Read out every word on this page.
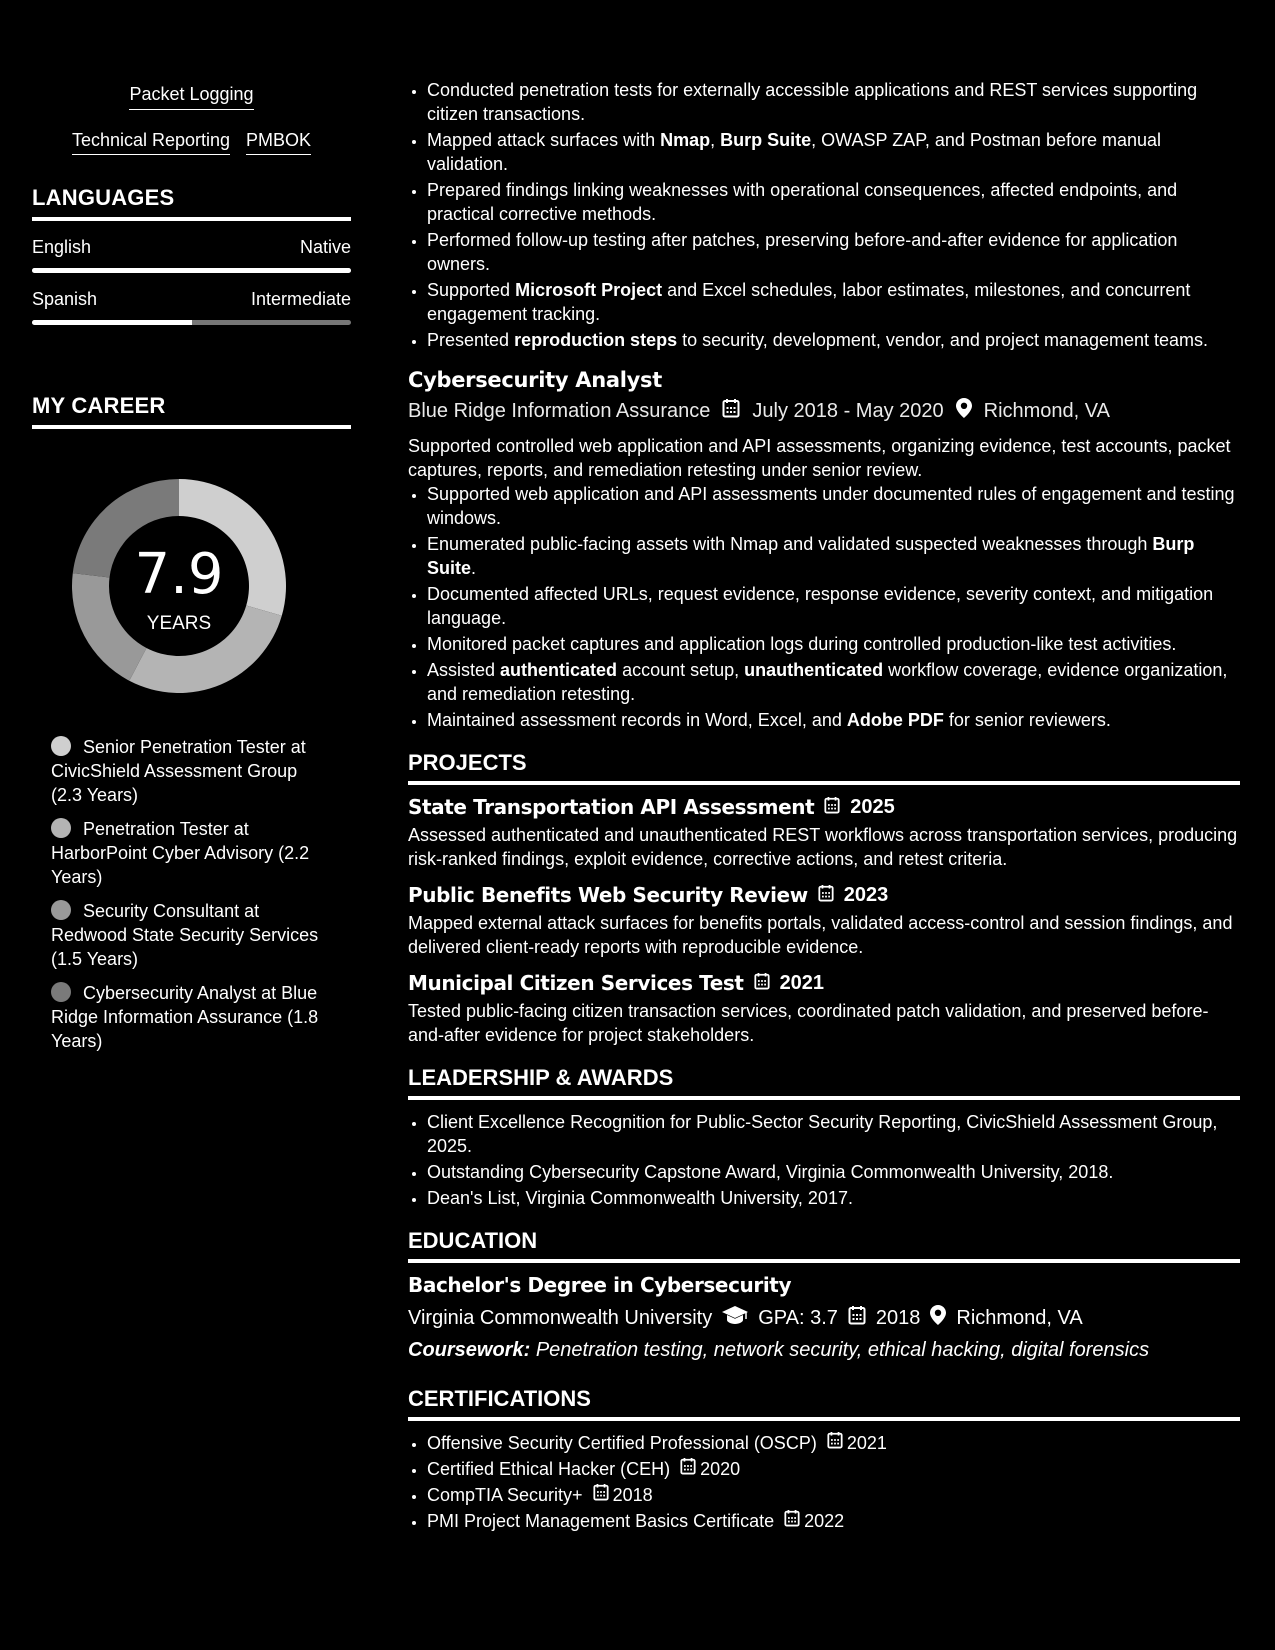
Packet Logging
Technical Reporting PMBOK
LANGUAGES
English	Native
Spanish	Intermediate
MY CAREER
7.9
YEARS
Senior Penetration Tester at CivicShield Assessment Group (2.3 Years)
Penetration Tester at HarborPoint Cyber Advisory (2.2 Years)
Security Consultant at Redwood State Security Services (1.5 Years)
Cybersecurity Analyst at Blue Ridge Information Assurance (1.8 Years)
• Conducted penetration tests for externally accessible applications and REST services supporting citizen transactions.
• Mapped attack surfaces with Nmap, Burp Suite, OWASP ZAP, and Postman before manual validation.
• Prepared findings linking weaknesses with operational consequences, affected endpoints, and practical corrective methods.
• Performed follow-up testing after patches, preserving before-and-after evidence for application owners.
• Supported Microsoft Project and Excel schedules, labor estimates, milestones, and concurrent engagement tracking.
• Presented reproduction steps to security, development, vendor, and project management teams.
Cybersecurity Analyst
Blue Ridge Information Assurance July 2018 - May 2020 Richmond, VA
Supported controlled web application and API assessments, organizing evidence, test accounts, packet captures, reports, and remediation retesting under senior review.
• Supported web application and API assessments under documented rules of engagement and testing windows.
• Enumerated public-facing assets with Nmap and validated suspected weaknesses through Burp Suite.
• Documented affected URLs, request evidence, response evidence, severity context, and mitigation language.
• Monitored packet captures and application logs during controlled production-like test activities.
• Assisted authenticated account setup, unauthenticated workflow coverage, evidence organization, and remediation retesting.
• Maintained assessment records in Word, Excel, and Adobe PDF for senior reviewers.
PROJECTS
State Transportation API Assessment 2025
Assessed authenticated and unauthenticated REST workflows across transportation services, producing risk-ranked findings, exploit evidence, corrective actions, and retest criteria.
Public Benefits Web Security Review 2023
Mapped external attack surfaces for benefits portals, validated access-control and session findings, and delivered client-ready reports with reproducible evidence.
Municipal Citizen Services Test 2021
Tested public-facing citizen transaction services, coordinated patch validation, and preserved before-and-after evidence for project stakeholders.
LEADERSHIP & AWARDS
• Client Excellence Recognition for Public-Sector Security Reporting, CivicShield Assessment Group, 2025.
• Outstanding Cybersecurity Capstone Award, Virginia Commonwealth University, 2018.
• Dean's List, Virginia Commonwealth University, 2017.
EDUCATION
Bachelor's Degree in Cybersecurity
Virginia Commonwealth University GPA: 3.7 2018 Richmond, VA
Coursework: Penetration testing, network security, ethical hacking, digital forensics
CERTIFICATIONS
• Offensive Security Certified Professional (OSCP) 2021
• Certified Ethical Hacker (CEH) 2020
• CompTIA Security+ 2018
• PMI Project Management Basics Certificate 2022
